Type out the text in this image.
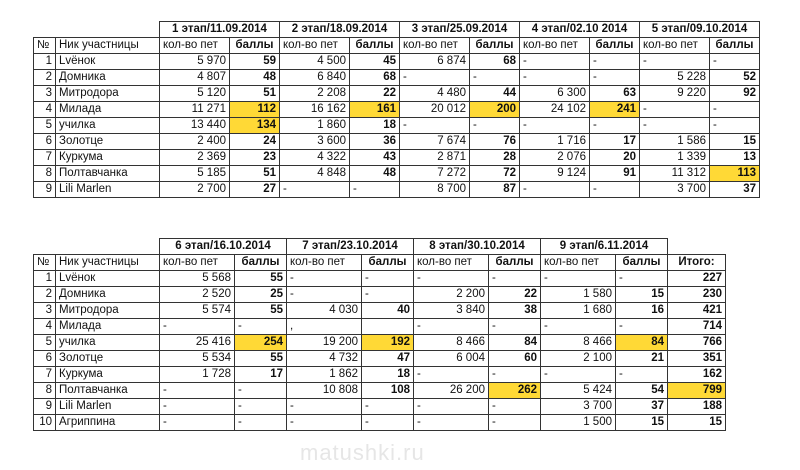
		1 этап/11.09.2014		2 этап/18.09.2014		3 этап/25.09.2014		4 этап/02.10 2014		5 этап/09.10.2014	
№	Ник участницы	кол-во пет	баллы	кол-во пет	баллы	кол-во пет	баллы	кол-во пет	баллы	кол-во пет	баллы
1	Lvёнок	5 970	59	4 500	45	6 874	68	-	-	-	-
2	Домника	4 807	48	6 840	68	-	-	-	-	5 228	52
3	Митродора	5 120	51	2 208	22	4 480	44	6 300	63	9 220	92
4	Милада	11 271	112	16 162	161	20 012	200	24 102	241	-	-
5	училка	13 440	134	1 860	18	-	-	-	-	-	-
6	Золотце	2 400	24	3 600	36	7 674	76	1 716	17	1 586	15
7	Куркума	2 369	23	4 322	43	2 871	28	2 076	20	1 339	13
8	Полтавчанка	5 185	51	4 848	48	7 272	72	9 124	91	11 312	113
9	Lili Marlen	2 700	27	-	-	8 700	87	-	-	3 700	37
		6 этап/16.10.2014		7 этап/23.10.2014		8 этап/30.10.2014		9 этап/6.11.2014		
№	Ник участницы	кол-во пет	баллы	кол-во пет	баллы	кол-во пет	баллы	кол-во пет	баллы	Итого:
1	Lvёнок	5 568	55	-	-	-	-	-	-	227
2	Домника	2 520	25	-	-	2 200	22	1 580	15	230
3	Митродора	5 574	55	4 030	40	3 840	38	1 680	16	421
4	Милада	-	-	,		-	-	-	-	714
5	училка	25 416	254	19 200	192	8 466	84	8 466	84	766
6	Золотце	5 534	55	4 732	47	6 004	60	2 100	21	351
7	Куркума	1 728	17	1 862	18	-	-	-	-	162
8	Полтавчанка	-	-	10 808	108	26 200	262	5 424	54	799
9	Lili Marlen	-	-	-	-	-	-	3 700	37	188
10	Агриппина	-	-	-	-	-	-	1 500	15	15
matushki.ru
